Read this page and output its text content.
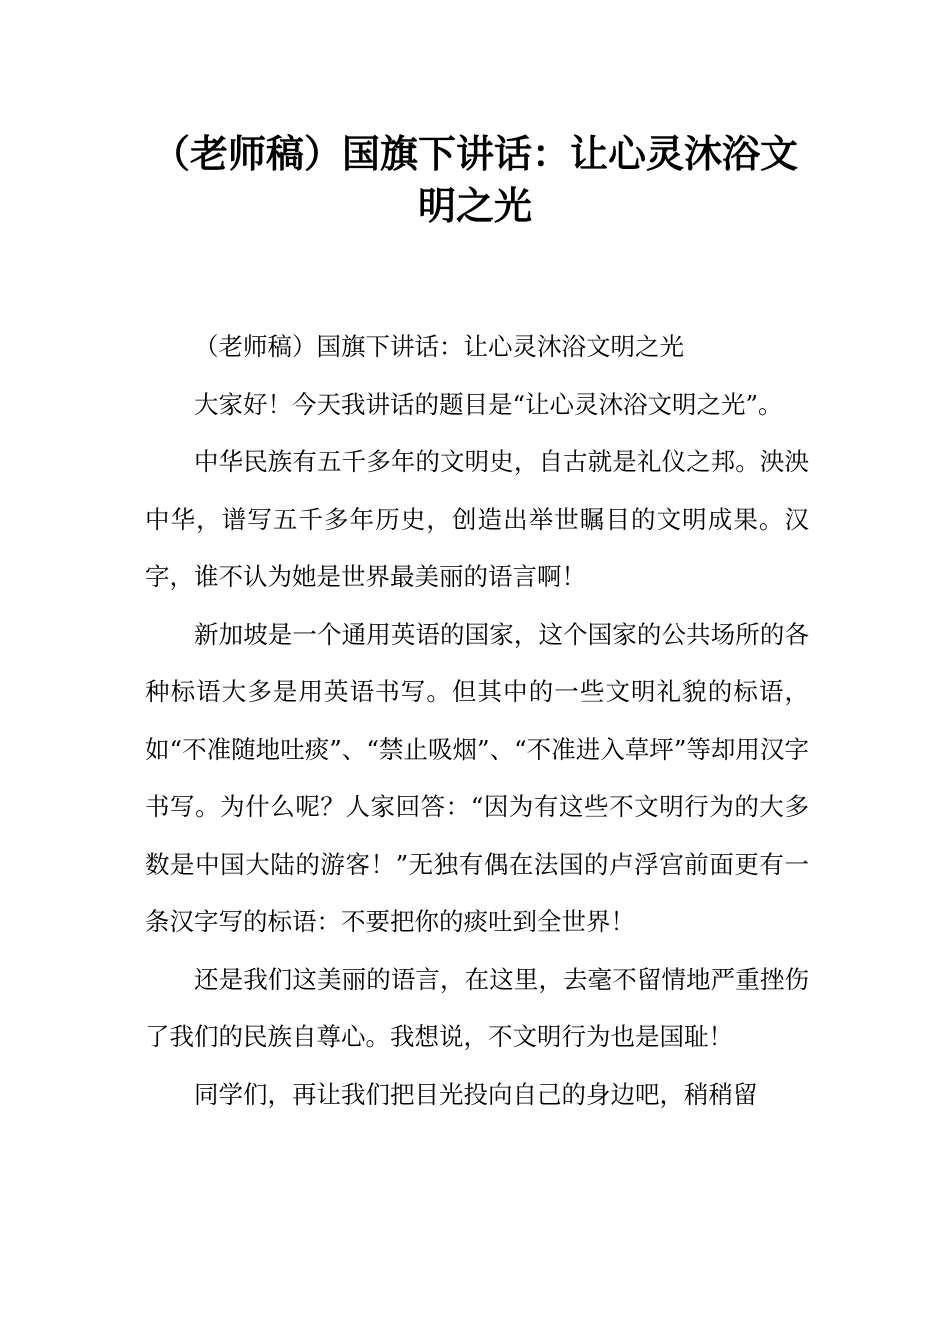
（老师稿）国旗下讲话：让心灵沐浴文明之光

（老师稿）国旗下讲话：让心灵沐浴文明之光

大家好！今天我讲话的题目是“让心灵沐浴文明之光”。

中华民族有五千多年的文明史，自古就是礼仪之邦。泱泱中华，谱写五千多年历史，创造出举世瞩目的文明成果。汉字，谁不认为她是世界最美丽的语言啊！

新加坡是一个通用英语的国家，这个国家的公共场所的各种标语大多是用英语书写。但其中的一些文明礼貌的标语，如“不准随地吐痰”、“禁止吸烟”、“不准进入草坪”等却用汉字书写。为什么呢？人家回答：“因为有这些不文明行为的大多数是中国大陆的游客！”无独有偶在法国的卢浮宫前面更有一条汉字写的标语：不要把你的痰吐到全世界！

还是我们这美丽的语言，在这里，去毫不留情地严重挫伤了我们的民族自尊心。我想说，不文明行为也是国耻！

同学们，再让我们把目光投向自己的身边吧，稍稍留
